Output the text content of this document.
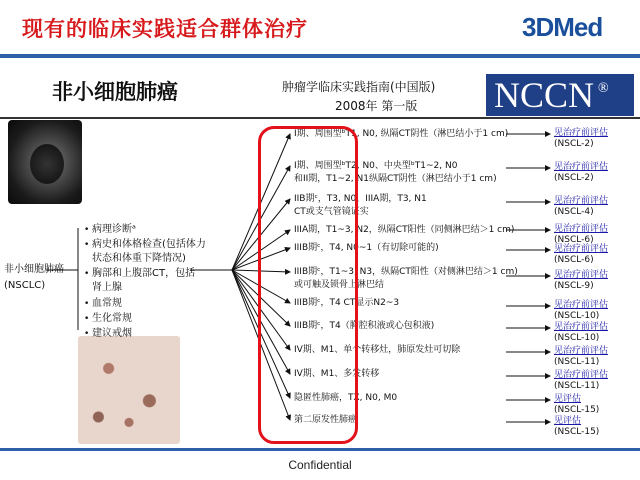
现有的临床实践适合群体治疗	3DMed
非小细胞肺癌	肿瘤学临床实践指南(中国版)
2008年 第一版 NCCN ®
非小细胞肺癌
(NSCLC)
• 病理诊断ᵃ
• 病史和体格检查(包括体力
状态和体重下降情况)
• 胸部和上腹部CT，包括
肾上腺
• 血常规
• 生化常规
• 建议戒烟
I期、周围型ᵇT1, N0, 纵隔CT阴性（淋巴结小于1 cm)	见治疗前评估
(NSCL-2)
I期、周围型ᵇT2, N0、中央型ᵇT1~2, N0
和II期，T1~2, N1纵隔CT阴性（淋巴结小于1 cm)
见治疗前评估
(NSCL-2)
IIB期ᶜ，T3, N0，IIIA期，T3, N1
CT或支气管镜证实
见治疗前评估
(NSCL-4)
IIIA期，T1~3, N2，纵隔CT阳性（同侧淋巴结＞1 cm)	见治疗前评估
(NSCL-6)
IIIB期ᶜ，T4, N0~1（有切除可能的)	见治疗前评估
(NSCL-6)
IIIB期ᶜ，T1~3, N3，纵隔CT阳性（对侧淋巴结＞1 cm)
或可触及锁骨上淋巴结
见治疗前评估
(NSCL-9)
IIIB期ᶜ，T4 CT显示N2~3	见治疗前评估
(NSCL-10)
IIIB期ᶜ，T4（胸腔积液或心包积液)	见治疗前评估
(NSCL-10)
IV期、M1、单个转移灶，肺原发灶可切除	见治疗前评估
(NSCL-11)
IV期、M1、多发转移	见治疗前评估
(NSCL-11)
隐匿性肺癌，TX, N0, M0	见评估
(NSCL-15)
第二原发性肺癌	见评估
(NSCL-15)
Confidential
